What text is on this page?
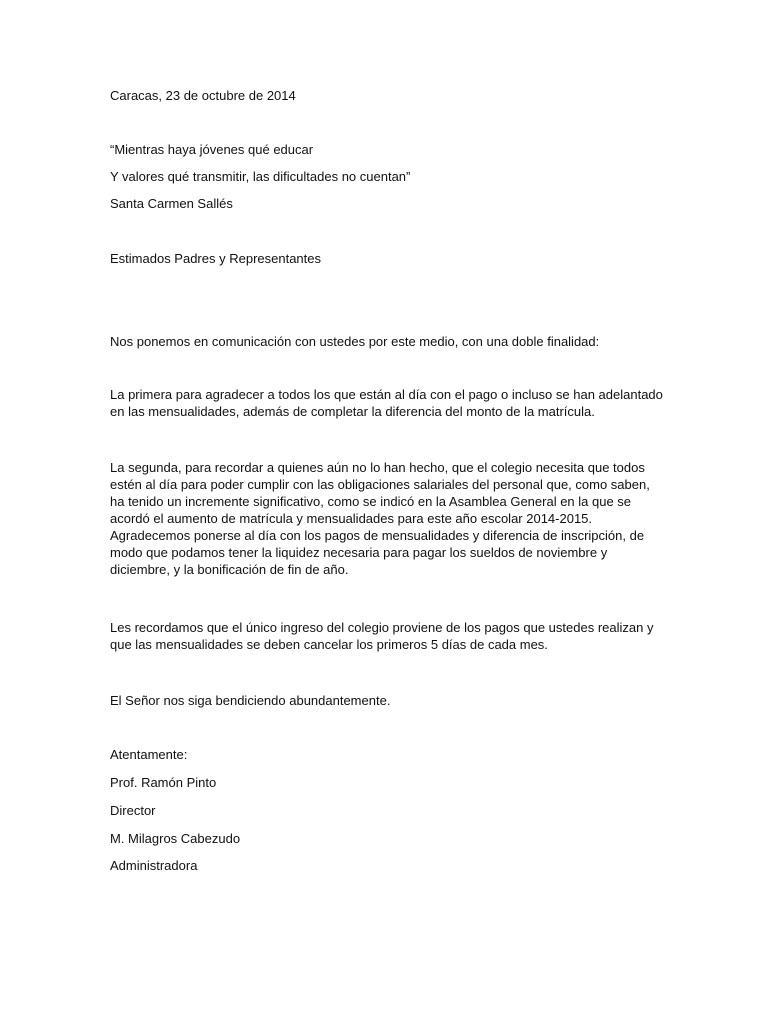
Caracas, 23 de octubre de 2014
“Mientras haya jóvenes qué educar
Y valores qué transmitir, las dificultades no cuentan”
Santa Carmen Sallés
Estimados Padres y Representantes
Nos ponemos en comunicación con ustedes por este medio, con una doble finalidad:

La primera para agradecer a todos los que están al día con el pago o incluso se han adelantado

en las mensualidades, además de completar la diferencia del monto de la matrícula.

La segunda, para recordar a quienes aún no lo han hecho, que el colegio necesita que todos

estén al día para poder cumplir con las obligaciones salariales del personal que, como saben,

ha tenido un incremente significativo, como se indicó en la Asamblea General en la que se

acordó el aumento de matrícula y mensualidades para este año escolar 2014-2015.

Agradecemos ponerse al día con los pagos de mensualidades y diferencia de inscripción, de

modo que podamos tener la liquidez necesaria para pagar los sueldos de noviembre y

diciembre, y la bonificación de fin de año.

Les recordamos que el único ingreso del colegio proviene de los pagos que ustedes realizan y

que las mensualidades se deben cancelar los primeros 5 días de cada mes.

El Señor nos siga bendiciendo abundantemente.
Atentamente:
Prof. Ramón Pinto
Director
M. Milagros Cabezudo
Administradora
